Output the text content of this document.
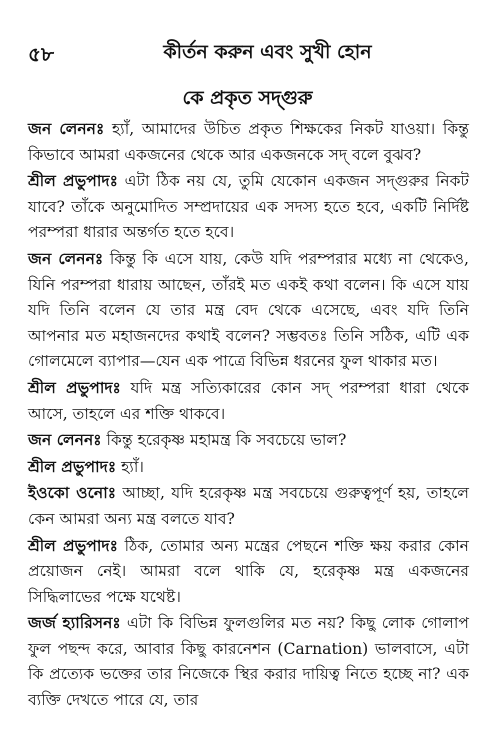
৫৮	কীর্তন করুন এবং সুখী হোন
কে প্রকৃত সদ্গুরু

জন লেননঃ হ্যাঁ, আমাদের উচিত প্রকৃত শিক্ষকের নিকট যাওয়া। কিন্তু কিভাবে আমরা একজনের থেকে আর একজনকে সদ্ বলে বুঝব?

শ্রীল প্রভুপাদঃ এটা ঠিক নয় যে, তুমি যেকোন একজন সদ্গুরুর নিকট যাবে? তাঁকে অনুমোদিত সম্প্রদায়ের এক সদস্য হতে হবে, একটি নির্দিষ্ট পরম্পরা ধারার অন্তর্গত হতে হবে।

জন লেননঃ কিন্তু কি এসে যায়, কেউ যদি পরম্পরার মধ্যে না থেকেও, যিনি পরম্পরা ধারায় আছেন, তাঁরই মত একই কথা বলেন। কি এসে যায় যদি তিনি বলেন যে তার মন্ত্র বেদ থেকে এসেছে, এবং যদি তিনি আপনার মত মহাজনদের কথাই বলেন? সম্ভবতঃ তিনি সঠিক, এটি এক গোলমেলে ব্যাপার—যেন এক পাত্রে বিভিন্ন ধরনের ফুল থাকার মত।

শ্রীল প্রভুপাদঃ যদি মন্ত্র সত্যিকারের কোন সদ্ পরম্পরা ধারা থেকে আসে, তাহলে এর শক্তি থাকবে।

জন লেননঃ কিন্তু হরেকৃষ্ণ মহামন্ত্র কি সবচেয়ে ভাল?

শ্রীল প্রভুপাদঃ হ্যাঁ।

ইওকো ওনোঃ আচ্ছা, যদি হরেকৃষ্ণ মন্ত্র সবচেয়ে গুরুত্বপূর্ণ হয়, তাহলে কেন আমরা অন্য মন্ত্র বলতে যাব?

শ্রীল প্রভুপাদঃ ঠিক, তোমার অন্য মন্ত্রের পেছনে শক্তি ক্ষয় করার কোন প্রয়োজন নেই। আমরা বলে থাকি যে, হরেকৃষ্ণ মন্ত্র একজনের সিদ্ধিলাভের পক্ষে যথেষ্ট।

জর্জ হ্যারিসনঃ এটা কি বিভিন্ন ফুলগুলির মত নয়? কিছু লোক গোলাপ ফুল পছন্দ করে, আবার কিছু কারনেশন (Carnation) ভালবাসে, এটা কি প্রত্যেক ভক্তের তার নিজেকে স্থির করার দায়িত্ব নিতে হচ্ছে না? এক ব্যক্তি দেখতে পারে যে, তার
